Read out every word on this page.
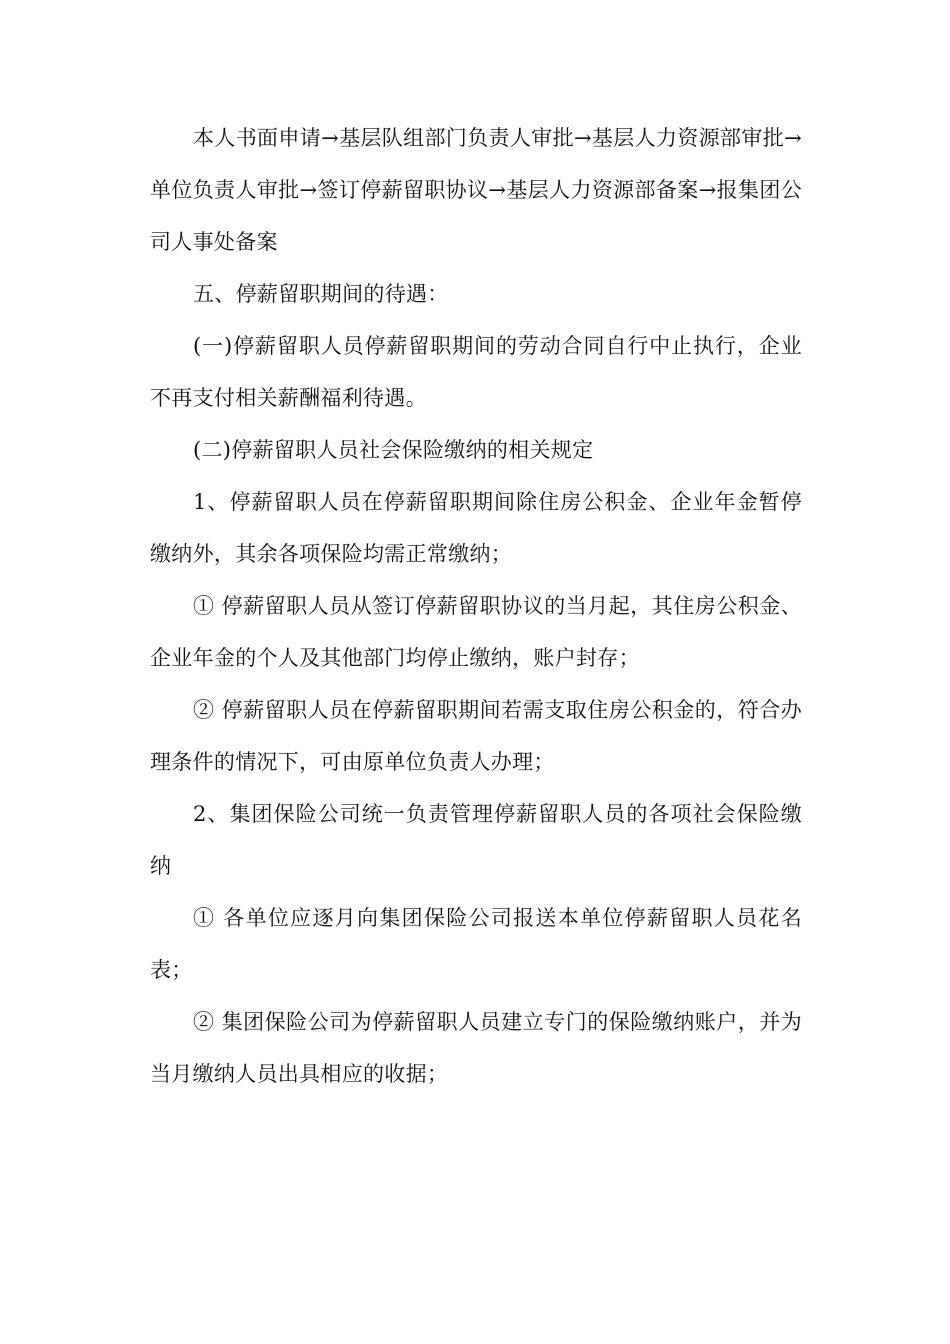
本人书面申请→基层队组部门负责人审批→基层人力资源部审批→单位负责人审批→签订停薪留职协议→基层人力资源部备案→报集团公司人事处备案

五、停薪留职期间的待遇：

(一)停薪留职人员停薪留职期间的劳动合同自行中止执行，企业不再支付相关薪酬福利待遇。

(二)停薪留职人员社会保险缴纳的相关规定

1、停薪留职人员在停薪留职期间除住房公积金、企业年金暂停缴纳外，其余各项保险均需正常缴纳；

① 停薪留职人员从签订停薪留职协议的当月起，其住房公积金、企业年金的个人及其他部门均停止缴纳，账户封存；

② 停薪留职人员在停薪留职期间若需支取住房公积金的，符合办理条件的情况下，可由原单位负责人办理；

2、集团保险公司统一负责管理停薪留职人员的各项社会保险缴纳

① 各单位应逐月向集团保险公司报送本单位停薪留职人员花名表；

② 集团保险公司为停薪留职人员建立专门的保险缴纳账户，并为当月缴纳人员出具相应的收据；
